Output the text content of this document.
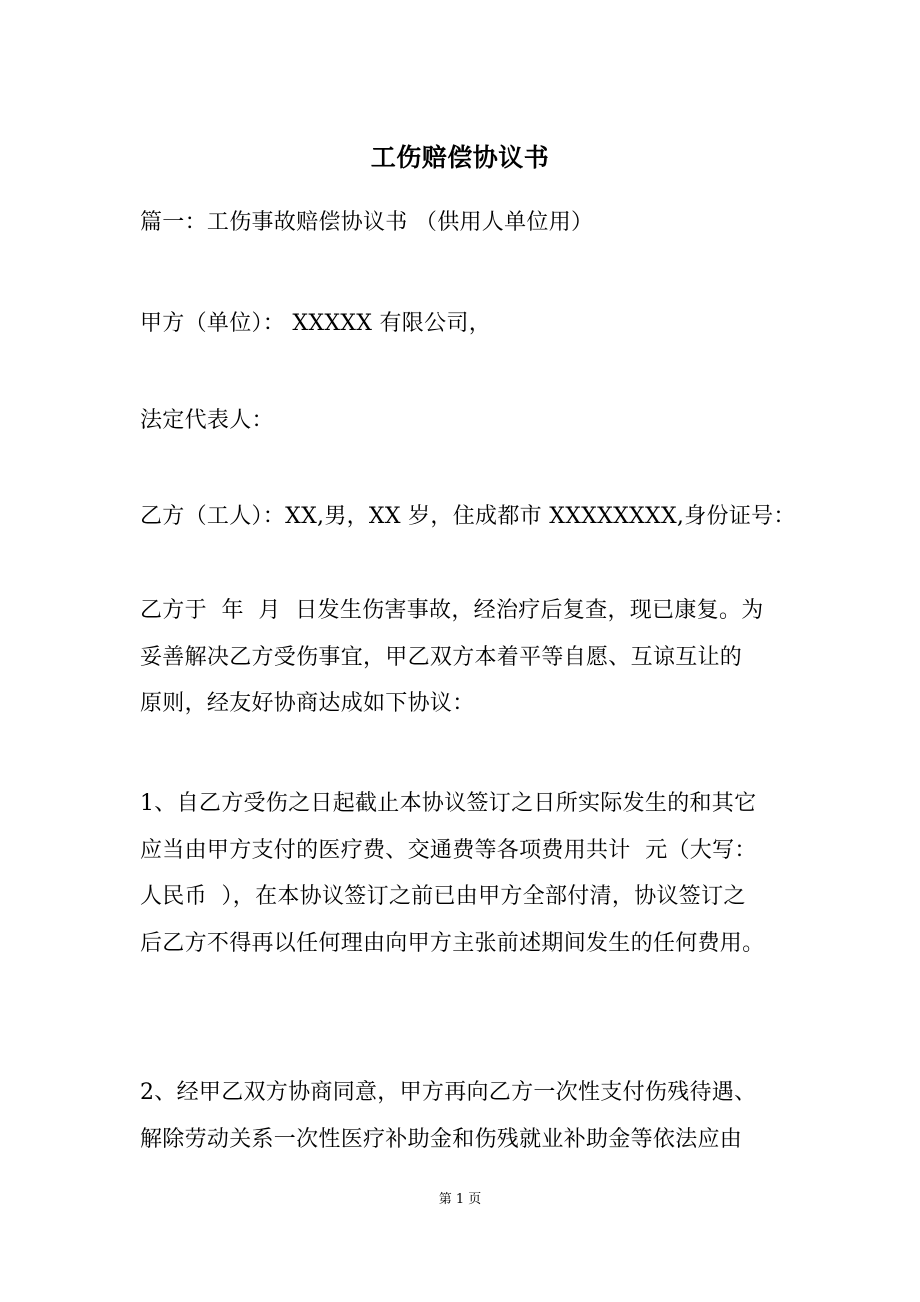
工伤赔偿协议书
篇一：工伤事故赔偿协议书 （供用人单位用）
甲方（单位）： XXXXX 有限公司，
法定代表人：
乙方（工人）：XX,男，XX 岁，住成都市 XXXXXXXX,身份证号：
乙方于  年  月  日发生伤害事故，经治疗后复查，现已康复。为
妥善解决乙方受伤事宜，甲乙双方本着平等自愿、互谅互让的
原则，经友好协商达成如下协议：
1、自乙方受伤之日起截止本协议签订之日所实际发生的和其它
应当由甲方支付的医疗费、交通费等各项费用共计  元（大写：
人民币  ），在本协议签订之前已由甲方全部付清，协议签订之
后乙方不得再以任何理由向甲方主张前述期间发生的任何费用。
2、经甲乙双方协商同意，甲方再向乙方一次性支付伤残待遇、
解除劳动关系一次性医疗补助金和伤残就业补助金等依法应由
第 1 页
